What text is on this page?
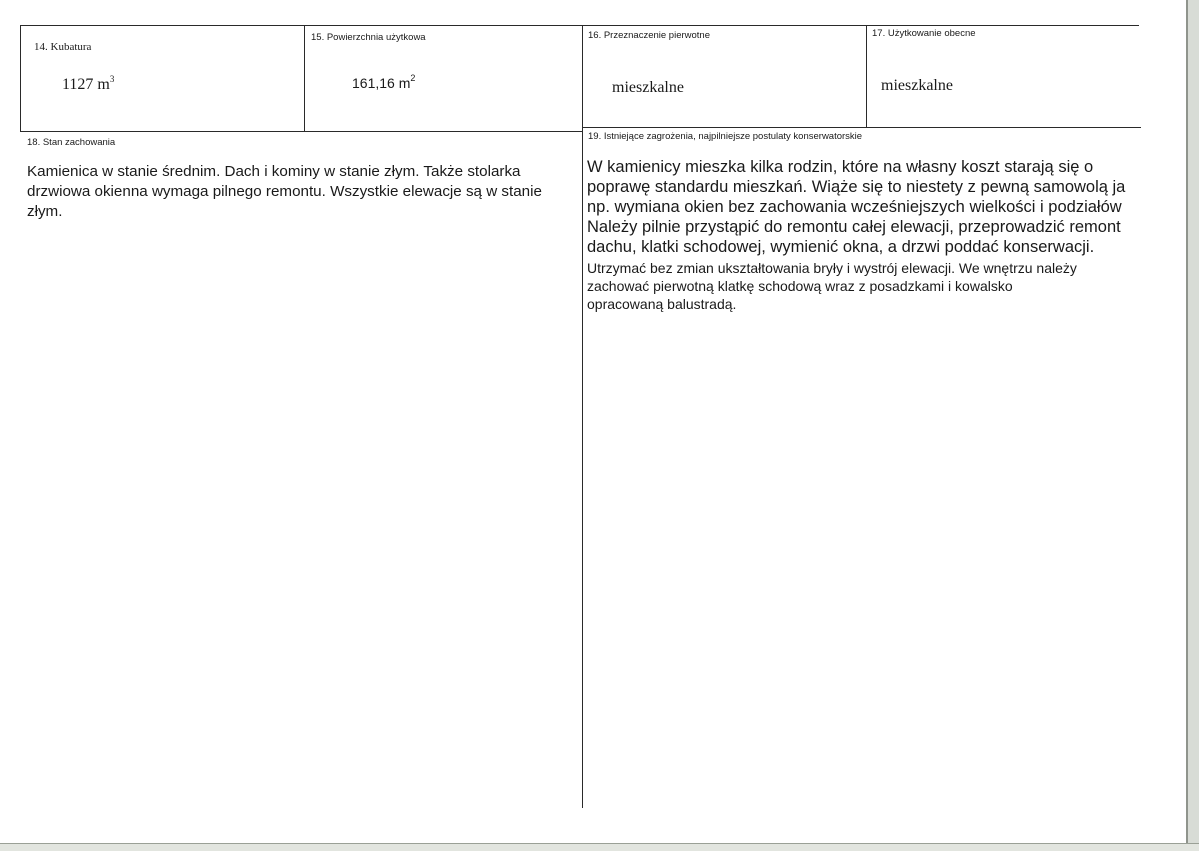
14. Kubatura
1127 $m^3$
15. Powierzchnia użytkowa
161,16 $m^2$
16. Przeznaczenie pierwotne
mieszkalne
17. Użytkowanie obecne
mieszkalne
18. Stan zachowania
Kamienica w stanie średnim. Dach i kominy w stanie złym. Także stolarka
drzwiowa okienna wymaga pilnego remontu. Wszystkie elewacje są w stanie
złym.
19. Istniejące zagrożenia, najpilniejsze postulaty konserwatorskie
W kamienicy mieszka kilka rodzin, które na własny koszt starają się o
poprawę standardu mieszkań. Wiąże się to niestety z pewną samowolą ja
np. wymiana okien bez zachowania wcześniejszych wielkości i podziałów
Należy pilnie przystąpić do remontu całej elewacji, przeprowadzić remont
dachu, klatki schodowej, wymienić okna, a drzwi poddać konserwacji.
Utrzymać bez zmian ukształtowania bryły i wystrój elewacji. We wnętrzu należy
zachować pierwotną klatkę schodową wraz z posadzkami i kowalsko
opracowaną balustradą.
